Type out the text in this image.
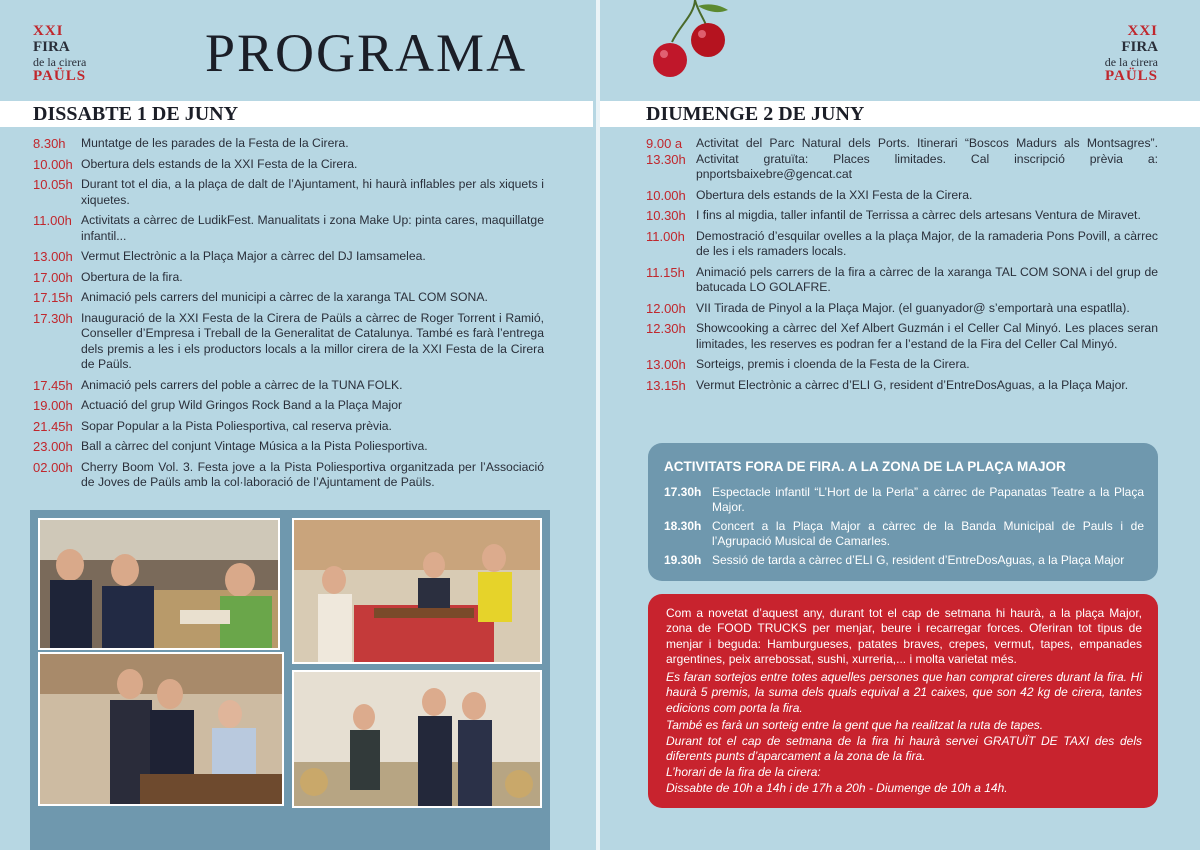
XXI
FIRA
de la cirera
PAÜLS PROGRAMA
DISSABTE 1 DE JUNY
8.30h	Muntatge de les parades de la Festa de la Cirera.
10.00h Obertura dels estands de la XXI Festa de la Cirera.
10.05h Durant tot el dia, a la plaça de dalt de l’Ajuntament, hi haurà inflables per als xiquets i xiquetes.
11.00h Activitats a càrrec de LudikFest. Manualitats i zona Make Up: pinta cares, maquillatge infantil...
13.00h Vermut Electrònic a la Plaça Major a càrrec del DJ Iamsamelea.
17.00h Obertura de la fira.
17.15h Animació pels carrers del municipi a càrrec de la xaranga TAL COM SONA.
17.30h Inauguració de la XXI Festa de la Cirera de Paüls a càrrec de Roger Torrent i Ramió, Conseller d’Empresa i Treball de la Generalitat de Catalunya. També es farà l’entrega dels premis a les i els productors locals a la millor cirera de la XXI Festa de la Cirera de Paüls.
17.45h Animació pels carrers del poble a càrrec de la TUNA FOLK.
19.00h Actuació del grup Wild Gringos Rock Band a la Plaça Major
21.45h Sopar Popular a la Pista Poliesportiva, cal reserva prèvia.
23.00h Ball a càrrec del conjunt Vintage Música a la Pista Poliesportiva.
02.00h Cherry Boom Vol. 3. Festa jove a la Pista Poliesportiva organitzada per l’Associació de Joves de Paüls amb la col·laboració de l’Ajuntament de Paüls.
XXI
FIRA
de la cirera
PAÜLS
DIUMENGE 2 DE JUNY
9.00 a 13.30h
Activitat del Parc Natural dels Ports. Itinerari “Boscos Madurs als Montsagres”. Activitat gratuïta: Places limitades. Cal inscripció prèvia a: pnportsbaixebre@gencat.cat
10.00h Obertura dels estands de la XXI Festa de la Cirera.
10.30h I fins al migdia, taller infantil de Terrissa a càrrec dels artesans Ventura de Miravet.
11.00h Demostració d’esquilar ovelles a la plaça Major, de la ramaderia Pons Povill, a càrrec de les i els ramaders locals.
11.15h Animació pels carrers de la fira a càrrec de la xaranga TAL COM SONA i del grup de batucada LO GOLAFRE.
12.00h VII Tirada de Pinyol a la Plaça Major. (el guanyador@ s’emportarà una espatlla).
12.30h Showcooking a càrrec del Xef Albert Guzmán i el Celler Cal Minyó. Les places seran limitades, les reserves es podran fer a l’estand de la Fira del Celler Cal Minyó.
13.00h Sorteigs, premis i cloenda de la Festa de la Cirera.
13.15h Vermut Electrònic a càrrec d’ELI G, resident d’EntreDosAguas, a la Plaça Major.
ACTIVITATS FORA DE FIRA. A LA ZONA DE LA PLAÇA MAJOR
17.30h Espectacle infantil “L’Hort de la Perla” a càrrec de Papanatas Teatre a la Plaça Major.
18.30h Concert a la Plaça Major a càrrec de la Banda Municipal de Pauls i de l’Agrupació Musical de Camarles.
19.30h Sessió de tarda a càrrec d’ELI G, resident d’EntreDosAguas, a la Plaça Major
Com a novetat d’aquest any, durant tot el cap de setmana hi haurà, a la plaça Major, zona de FOOD TRUCKS per menjar, beure i recarregar forces. Oferiran tot tipus de menjar i beguda: Hamburgueses, patates braves, crepes, vermut, tapes, empanades argentines, peix arrebossat, sushi, xurreria,... i molta varietat més.
Es faran sortejos entre totes aquelles persones que han comprat cireres durant la fira. Hi haurà 5 premis, la suma dels quals equival a 21 caixes, que son 42 kg de cirera, tantes edicions com porta la fira.
També es farà un sorteig entre la gent que ha realitzat la ruta de tapes.
Durant tot el cap de setmana de la fira hi haurà servei GRATUÏT DE TAXI des dels diferents punts d’aparcament a la zona de la fira.
L’horari de la fira de la cirera:
Dissabte de 10h a 14h i de 17h a 20h - Diumenge de 10h a 14h.
